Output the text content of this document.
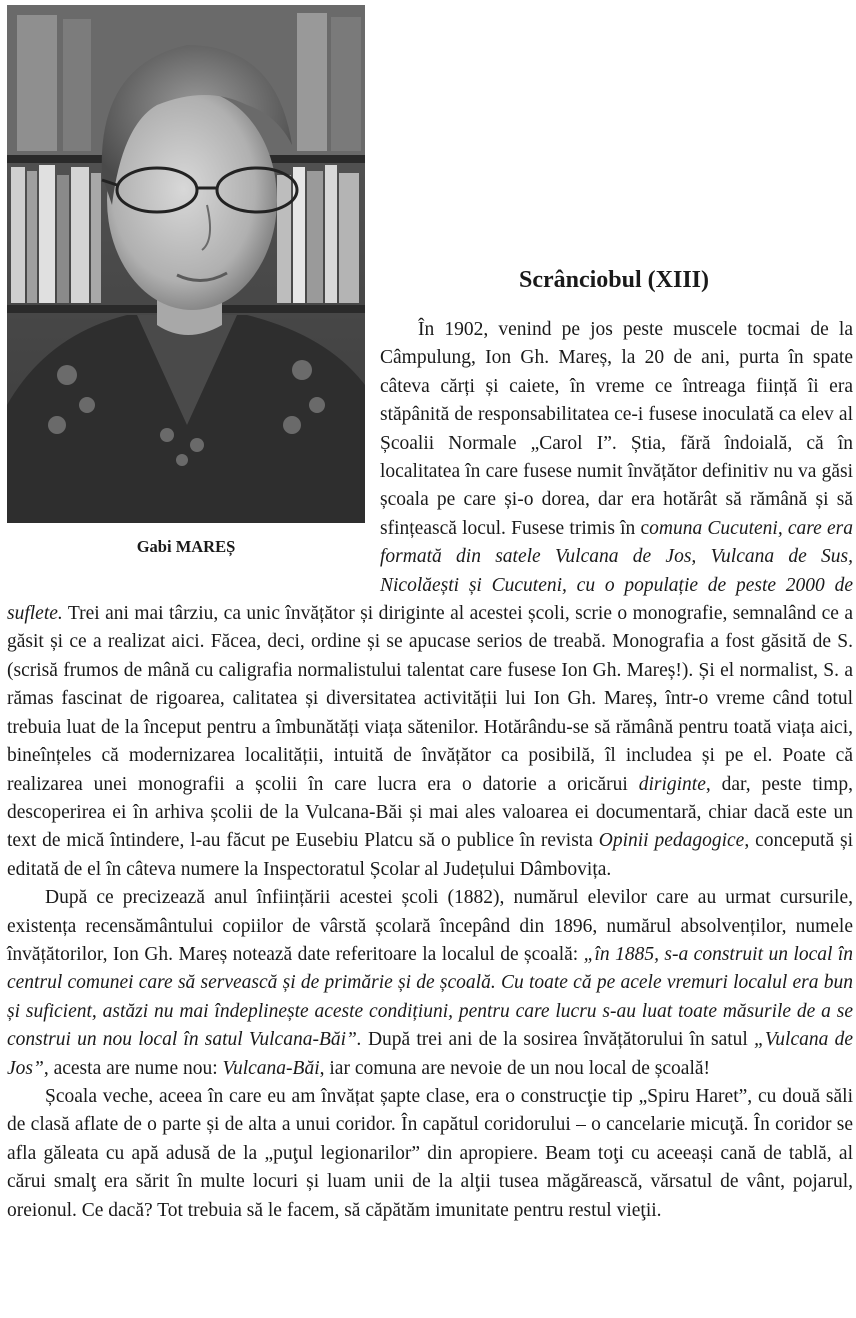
Gabi MAREȘ
Scrânciobul (XIII)

În 1902, venind pe jos peste muscele tocmai de la Câmpulung, Ion Gh. Mareș, la 20 de ani, purta în spate câteva cărți și caiete, în vreme ce întreaga ființă îi era stăpânită de responsabilitatea ce-i fusese inoculată ca elev al Școalii Normale „Carol I”. Știa, fără îndoială, că în localitatea în care fusese numit învățător definitiv nu va găsi școala pe care și-o dorea, dar era hotărât să rămână și să sfințească locul. Fusese trimis în comuna Cucuteni, care era formată din satele Vulcana de Jos, Vulcana de Sus, Nicolăești și Cucuteni, cu o populație de peste 2000 de suflete. Trei ani mai târziu, ca unic învățător și diriginte al acestei școli, scrie o monografie, semnalând ce a găsit și ce a realizat aici. Făcea, deci, ordine și se apucase serios de treabă. Monografia a fost găsită de S. (scrisă frumos de mână cu caligrafia normalistului talentat care fusese Ion Gh. Mareș!). Și el normalist, S. a rămas fascinat de rigoarea, calitatea și diversitatea activității lui Ion Gh. Mareș, într-o vreme când totul trebuia luat de la început pentru a îmbunătăți viața sătenilor. Hotărându-se să rămână pentru toată viața aici, bineînțeles că modernizarea localității, intuită de învățător ca posibilă, îl includea și pe el. Poate că realizarea unei monografii a școlii în care lucra era o datorie a oricărui diriginte, dar, peste timp, descoperirea ei în arhiva școlii de la Vulcana-Băi și mai ales valoarea ei documentară, chiar dacă este un text de mică întindere, l-au făcut pe Eusebiu Platcu să o publice în revista Opinii pedagogice, concepută și editată de el în câteva numere la Inspectoratul Școlar al Județului Dâmbovița.

După ce precizează anul înființării acestei școli (1882), numărul elevilor care au urmat cursurile, existența recensământului copiilor de vârstă școlară începând din 1896, numărul absolvenților, numele învățătorilor, Ion Gh. Mareș notează date referitoare la localul de școală: „în 1885, s-a construit un local în centrul comunei care să servească și de primărie și de școală. Cu toate că pe acele vremuri localul era bun și suficient, astăzi nu mai îndeplinește aceste condițiuni, pentru care lucru s-au luat toate măsurile de a se construi un nou local în satul Vulcana-Băi”. După trei ani de la sosirea învățătorului în satul „Vulcana de Jos”, acesta are nume nou: Vulcana-Băi, iar comuna are nevoie de un nou local de școală!

Școala veche, aceea în care eu am învățat șapte clase, era o construcţie tip „Spiru Haret”, cu două săli de clasă aflate de o parte și de alta a unui coridor. În capătul coridorului – o cancelarie micuţă. În coridor se afla găleata cu apă adusă de la „puţul legionarilor” din apropiere. Beam toţi cu aceeași cană de tablă, al cărui smalţ era sărit în multe locuri și luam unii de la alţii tusea măgărească, vărsatul de vânt, pojarul, oreionul. Ce dacă? Tot trebuia să le facem, să căpătăm imunitate pentru restul vieţii.
